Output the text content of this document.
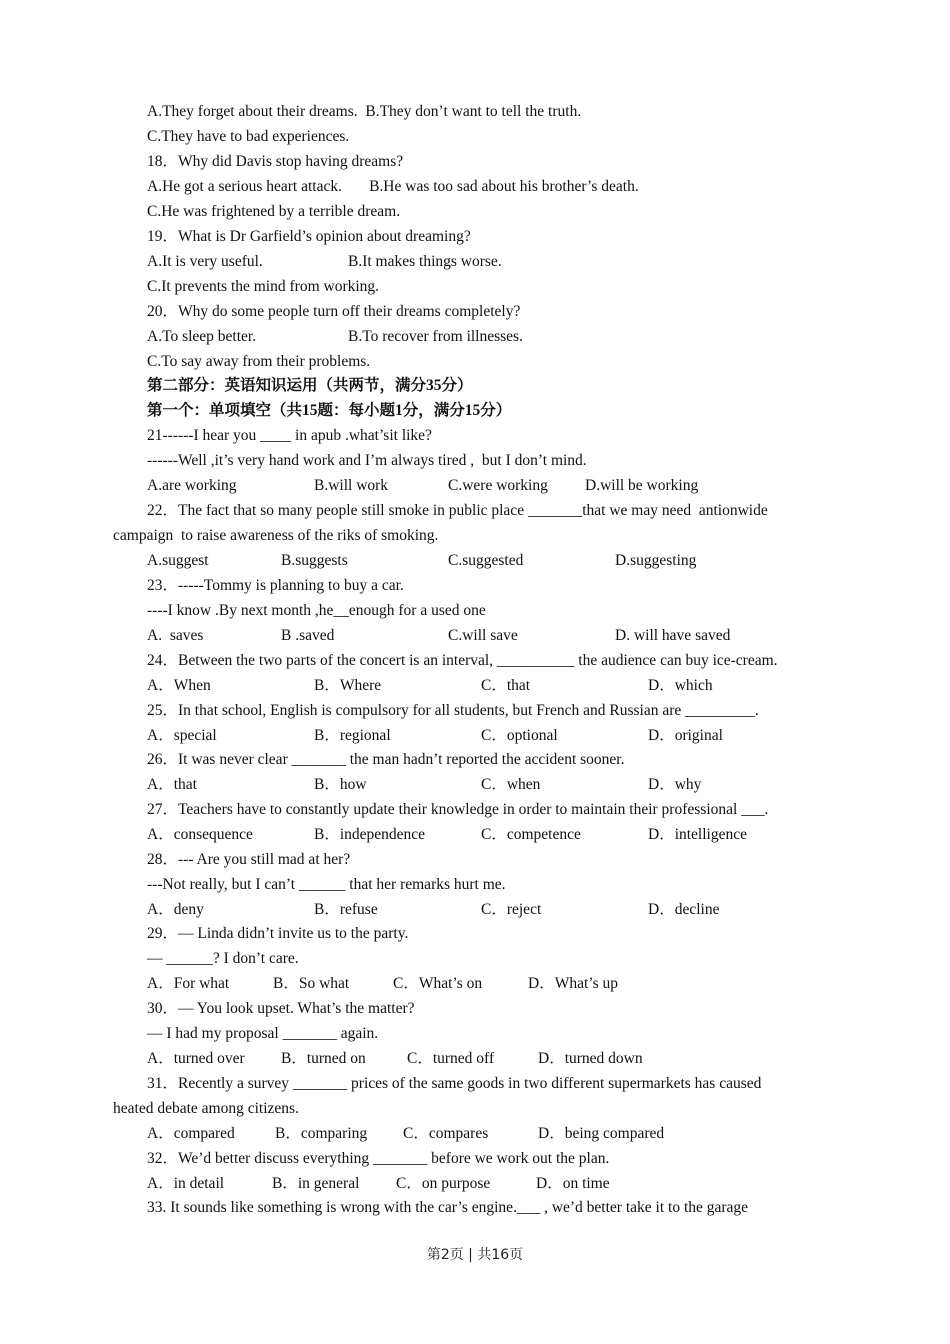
A.They forget about their dreams.  B.They don’t want to tell the truth.
C.They have to bad experiences.
18．Why did Davis stop having dreams?
A.He got a serious heart attack.       B.He was too sad about his brother’s death.
C.He was frightened by a terrible dream.
19．What is Dr Garfield’s opinion about dreaming?
A.It is very useful.	B.It makes things worse.
C.It prevents the mind from working.
20．Why do some people turn off their dreams completely?
A.To sleep better.	B.To recover from illnesses.
C.To say away from their problems.
第二部分：英语知识运用（共两节，满分35分）
第一个：单项填空（共15题：每小题1分，满分15分）
21------I hear you ____ in apub .what’sit like?
------Well ,it’s very hand work and I’m always tired ,  but I don’t mind.
A.are working	B.will work	C.were working D.will be working
22．The fact that so many people still smoke in public place _______that we may need  antionwide
campaign  to raise awareness of the riks of smoking.
A.suggest	B.suggests	C.suggested	D.suggesting
23．-----Tommy is planning to buy a car.
----I know .By next month ,he__enough for a used one
A.  saves	B .saved	C.will save	D. will have saved
24．Between the two parts of the concert is an interval, __________ the audience can buy ice-cream.
A．When	B．Where	C．that	D．which
25．In that school, English is compulsory for all students, but French and Russian are _________.
A．special	B．regional	C．optional	D．original
26．It was never clear _______ the man hadn’t reported the accident sooner.
A．that	B．how	C．when	D．why
27．Teachers have to constantly update their knowledge in order to maintain their professional ___.
A．consequence	B．independence	C．competence	D．intelligence
28．--- Are you still mad at her?
---Not really, but I can’t ______ that her remarks hurt me.
A．deny	B．refuse	C．reject	D．decline
29．— Linda didn’t invite us to the party.
— ______? I don’t care.
A．For what	B．So what	C．What’s on	D．What’s up
30．— You look upset. What’s the matter?
— I had my proposal _______ again.
A．turned over B．turned on	C．turned off	D．turned down
31．Recently a survey _______ prices of the same goods in two different supermarkets has caused
heated debate among citizens.
A．compared	B．comparing C．compares	D．being compared
32．We’d better discuss everything _______ before we work out the plan.
A．in detail	B．in general C．on purpose	D．on time
33. It sounds like something is wrong with the car’s engine.___ , we’d better take it to the garage
第2页 | 共16页
